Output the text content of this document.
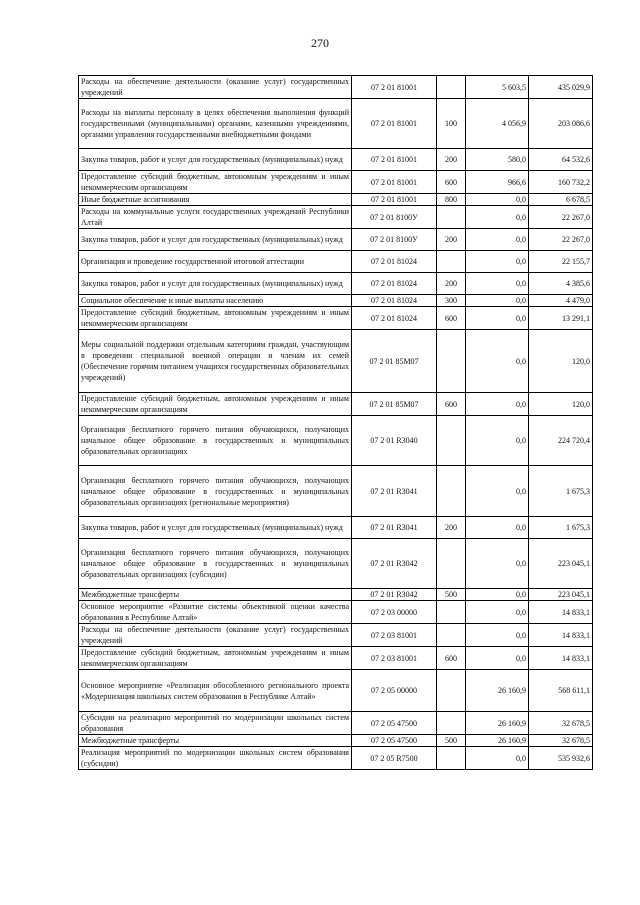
270
Расходы на обеспечение деятельности (оказание услуг) государственных учреждений	07 2 01 81001		5 603,5	435 029,9
Расходы на выплаты персоналу в целях обеспечения выполнения функций государственными (муниципальными) органами, казенными учреждениями, органами управления государственными внебюджетными фондами	07 2 01 81001	100	4 056,9	203 086,6
Закупка товаров, работ и услуг для государственных (муниципальных) нужд	07 2 01 81001	200	580,0	64 532,6
Предоставление субсидий бюджетным, автономным учреждениям и иным некоммерческим организациям	07 2 01 81001	600	966,6	160 732,2
Иные бюджетные ассигнования	07 2 01 81001	800	0,0	6 678,5
Расходы на коммунальные услуги государственных учреждений Республики Алтай	07 2 01 8100У		0,0	22 267,0
Закупка товаров, работ и услуг для государственных (муниципальных) нужд	07 2 01 8100У	200	0,0	22 267,0
Организация и проведение государственной итоговой аттестации	07 2 01 81024		0,0	22 155,7
Закупка товаров, работ и услуг для государственных (муниципальных) нужд	07 2 01 81024	200	0,0	4 385,6
Социальное обеспечение и иные выплаты населению	07 2 01 81024	300	0,0	4 479,0
Предоставление субсидий бюджетным, автономным учреждениям и иным некоммерческим организациям	07 2 01 81024	600	0,0	13 291,1
Меры социальной поддержки отдельным категориям граждан, участвующим в проведении специальной военной операции и членам их семей (Обеспечение горячим питанием учащихся государственных образовательных учреждений)	07 2 01 85М07		0,0	120,0
Предоставление субсидий бюджетным, автономным учреждениям и иным некоммерческим организациям	07 2 01 85М07	600	0,0	120,0
Организация бесплатного горячего питания обучающихся, получающих начальное общее образование в государственных и муниципальных образовательных организациях	07 2 01 R3040		0,0	224 720,4
Организация бесплатного горячего питания обучающихся, получающих начальное общее образование в государственных и муниципальных образовательных организациях (региональные мероприятия)	07 2 01 R3041		0,0	1 675,3
Закупка товаров, работ и услуг для государственных (муниципальных) нужд	07 2 01 R3041	200	0,0	1 675,3
Организация бесплатного горячего питания обучающихся, получающих начальное общее образование в государственных и муниципальных образовательных организациях (субсидии)	07 2 01 R3042		0,0	223 045,1
Межбюджетные трансферты	07 2 01 R3042	500	0,0	223 045,1
Основное мероприятие «Развитие системы объективной оценки качества образования в Республике Алтай»	07 2 03 00000		0,0	14 833,1
Расходы на обеспечение деятельности (оказание услуг) государственных учреждений	07 2 03 81001		0,0	14 833,1
Предоставление субсидий бюджетным, автономным учреждениям и иным некоммерческим организациям	07 2 03 81001	600	0,0	14 833,1
Основное мероприятие «Реализация обособленного регионального проекта «Модернизация школьных систем образования в Республике Алтай»	07 2 05 00000		26 160,9	568 611,1
Субсидии на реализацию мероприятий по модернизации школьных систем образования	07 2 05 47500		26 160,9	32 678,5
Межбюджетные трансферты	07 2 05 47500	500	26 160,9	32 678,5
Реализация мероприятий по модернизации школьных систем образования (субсидии)	07 2 05 R7500		0,0	535 932,6
